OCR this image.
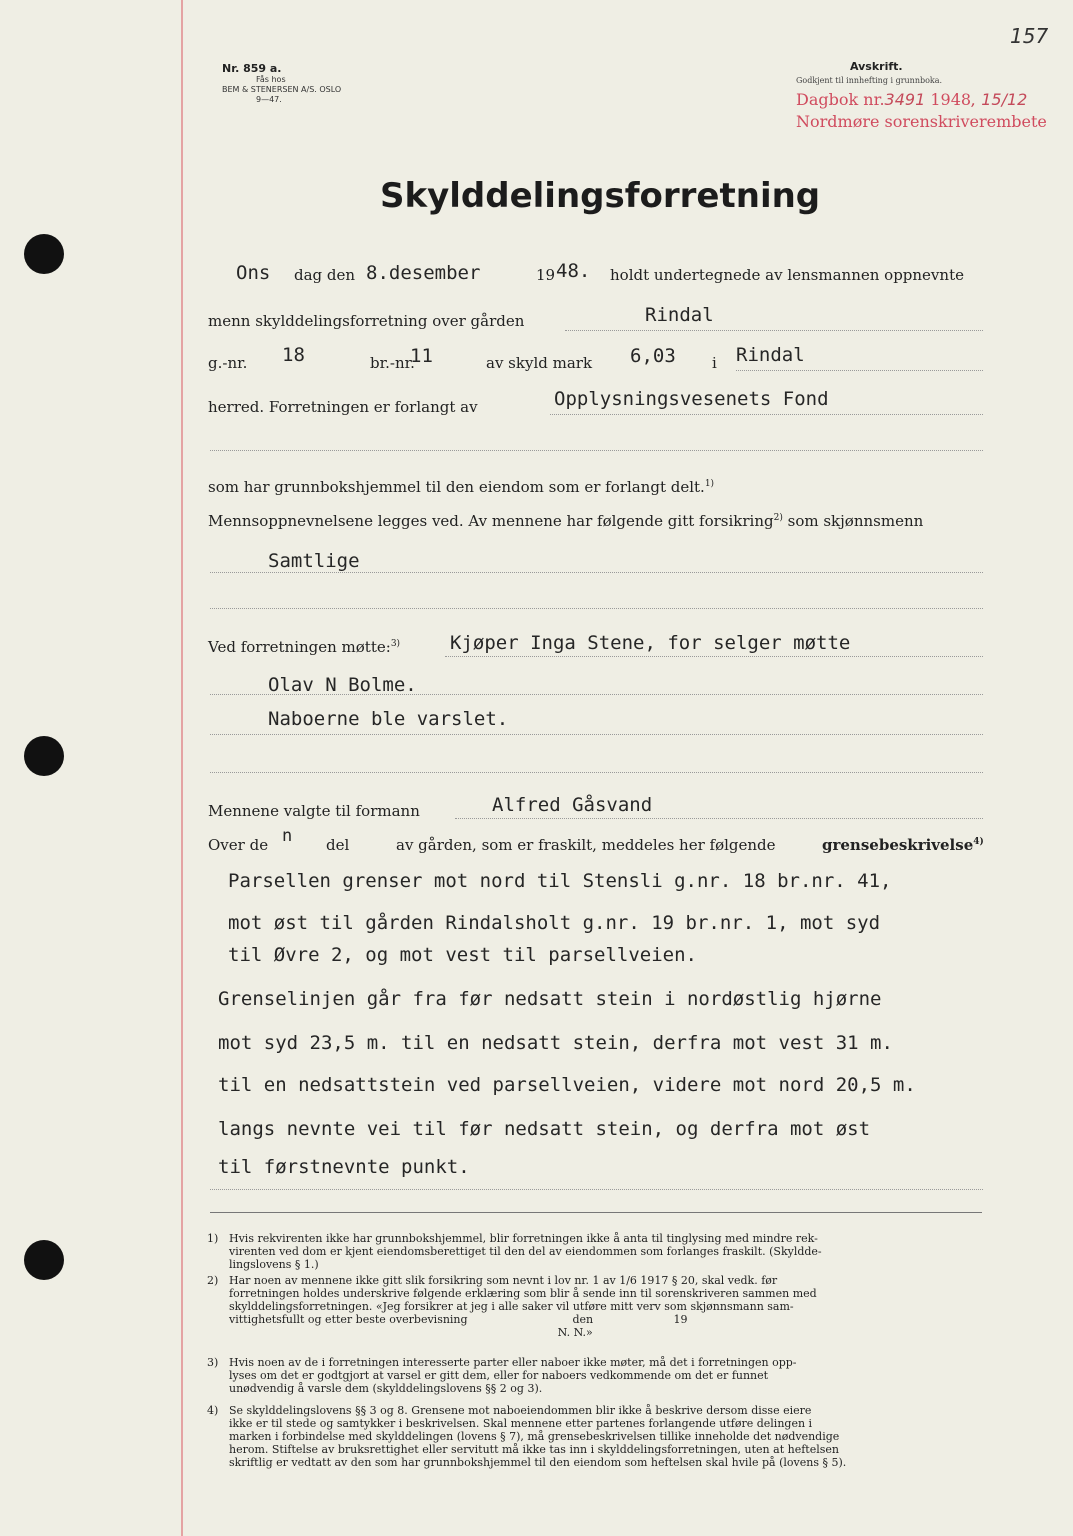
157
Nr. 859 a.
Fås hos
BEM & STENERSEN A/S. OSLO
9—47.
Avskrift.
Godkjent til innhefting i grunnboka.
Dagbok nr.3491 1948, 15/12
Nordmøre sorenskriverembete
Skylddelingsforretning
Ons dag den 8.desember	19 48. holdt undertegnede av lensmannen oppnevnte
menn skylddelingsforretning over gården	Rindal
g.-nr. 18	br.-nr.
11	av skyld mark 6,03 i Rindal
herred. Forretningen er forlangt av	Opplysningsvesenets Fond
som har grunnbokshjemmel til den eiendom som er forlangt delt.$^{1)}$
Mennsoppnevnelsene legges ved. Av mennene har følgende gitt forsikring$^{2)}$ som skjønnsmenn
Samtlige
Ved forretningen møtte:$^{3)}$	Kjøper Inga Stene, for selger møtte
Olav N Bolme.
Naboerne ble varslet.
Mennene valgte til formann	Alfred Gåsvand
Over de n del	av gården, som er fraskilt, meddeles her følgende	grensebeskrivelse$^{4)}$
Parsellen grenser mot nord til Stensli g.nr. 18 br.nr. 41,
mot øst til gården Rindalsholt g.nr. 19 br.nr. 1, mot syd
til Øvre 2, og mot vest til parsellveien.
Grenselinjen går fra før nedsatt stein i nordøstlig hjørne
mot syd 23,5 m. til en nedsatt stein, derfra mot vest 31 m.
til en nedsattstein ved parsellveien, videre mot nord 20,5 m.
langs nevnte vei til før nedsatt stein, og derfra mot øst
til førstnevnte punkt.
1) Hvis rekvirenten ikke har grunnbokshjemmel, blir forretningen ikke å anta til tinglysing med mindre rek-
virenten ved dom er kjent eiendomsberettiget til den del av eiendommen som forlanges fraskilt. (Skyldde-
lingslovens § 1.)
2) Har noen av mennene ikke gitt slik forsikring som nevnt i lov nr. 1 av 1/6 1917 § 20, skal vedk. før
forretningen holdes underskrive følgende erklæring som blir å sende inn til sorenskriveren sammen med
skylddelingsforretningen. «Jeg forsikrer at jeg i alle saker vil utføre mitt verv som skjønnsmann sam-
vittighetsfullt og etter beste overbevisning                              den                       19
N. N.»
3) Hvis noen av de i forretningen interesserte parter eller naboer ikke møter, må det i forretningen opp-
lyses om det er godtgjort at varsel er gitt dem, eller for naboers vedkommende om det er funnet
unødvendig å varsle dem (skylddelingslovens §§ 2 og 3).
4) Se skylddelingslovens §§ 3 og 8. Grensene mot naboeiendommen blir ikke å beskrive dersom disse eiere
ikke er til stede og samtykker i beskrivelsen. Skal mennene etter partenes forlangende utføre delingen i
marken i forbindelse med skylddelingen (lovens § 7), må grensebeskrivelsen tillike inneholde det nødvendige
herom. Stiftelse av bruksrettighet eller servitutt må ikke tas inn i skylddelingsforretningen, uten at heftelsen
skriftlig er vedtatt av den som har grunnbokshjemmel til den eiendom som heftelsen skal hvile på (lovens § 5).
